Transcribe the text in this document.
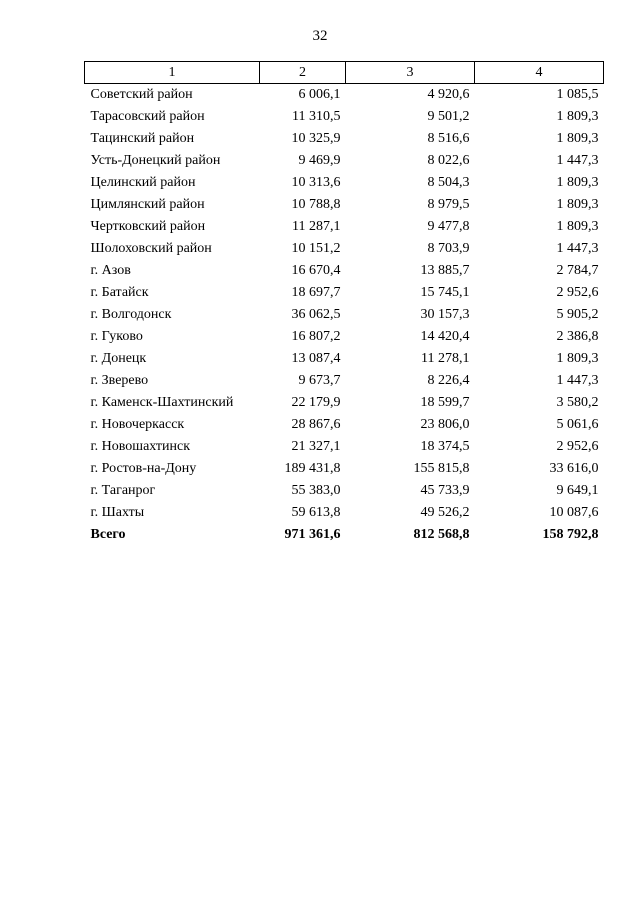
32
1	2	3	4
Советский район	6 006,1	4 920,6	1 085,5
Тарасовский район	11 310,5	9 501,2	1 809,3
Тацинский район	10 325,9	8 516,6	1 809,3
Усть-Донецкий район	9 469,9	8 022,6	1 447,3
Целинский район	10 313,6	8 504,3	1 809,3
Цимлянский район	10 788,8	8 979,5	1 809,3
Чертковский район	11 287,1	9 477,8	1 809,3
Шолоховский район	10 151,2	8 703,9	1 447,3
г. Азов	16 670,4	13 885,7	2 784,7
г. Батайск	18 697,7	15 745,1	2 952,6
г. Волгодонск	36 062,5	30 157,3	5 905,2
г. Гуково	16 807,2	14 420,4	2 386,8
г. Донецк	13 087,4	11 278,1	1 809,3
г. Зверево	9 673,7	8 226,4	1 447,3
г. Каменск-Шахтинский	22 179,9	18 599,7	3 580,2
г. Новочеркасск	28 867,6	23 806,0	5 061,6
г. Новошахтинск	21 327,1	18 374,5	2 952,6
г. Ростов-на-Дону	189 431,8	155 815,8	33 616,0
г. Таганрог	55 383,0	45 733,9	9 649,1
г. Шахты	59 613,8	49 526,2	10 087,6
Всего	971 361,6	812 568,8	158 792,8
